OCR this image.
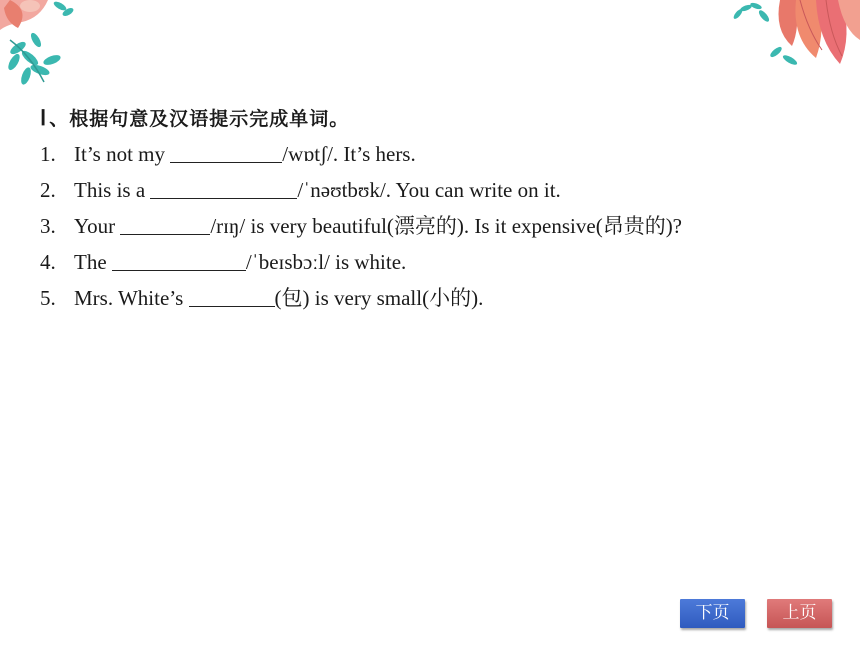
Ⅰ 、根据句意及汉语提示完成单词。
1. It’s not my	/wɒtʃ/. It’s hers.
2. This is a	/ˈnəʊtbʊk/. You can write on it.
3. Your	/rɪŋ/ is very beautiful(漂亮的). Is it expensive(昂贵的)?
4. The	/ˈbeɪsbɔːl/ is white.
5. Mrs. White’s	(包) is very small(小的).
下页	上页
